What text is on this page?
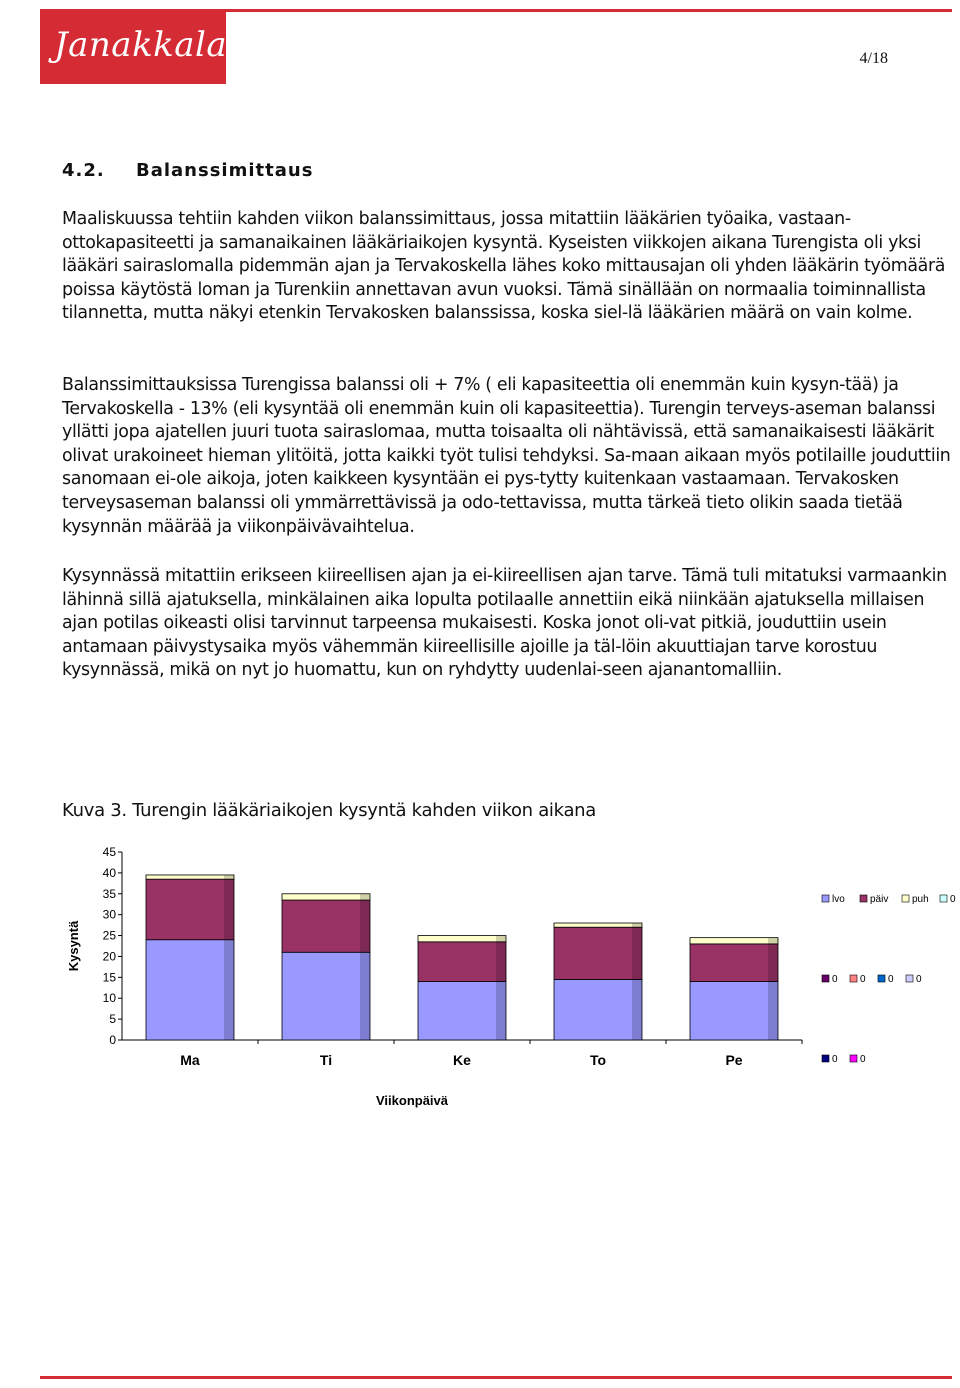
Janakkala	4/18
4.2. Balanssimittaus

Maaliskuussa tehtiin kahden viikon balanssimittaus, jossa mitattiin lääkärien työaika, vastaan-ottokapasiteetti ja samanaikainen lääkäriaikojen kysyntä. Kyseisten viikkojen aikana Turengista oli yksi lääkäri sairaslomalla pidemmän ajan ja Tervakoskella lähes koko mittausajan oli yhden lääkärin työmäärä poissa käytöstä loman ja Turenkiin annettavan avun vuoksi. Tämä sinällään on normaalia toiminnallista tilannetta, mutta näkyi etenkin Tervakosken balanssissa, koska siel-lä lääkärien määrä on vain kolme.

Balanssimittauksissa Turengissa balanssi oli + 7% ( eli kapasiteettia oli enemmän kuin kysyn-tää) ja Tervakoskella - 13% (eli kysyntää oli enemmän kuin oli kapasiteettia). Turengin terveys-aseman balanssi yllätti jopa ajatellen juuri tuota sairaslomaa, mutta toisaalta oli nähtävissä, että samanaikaisesti lääkärit olivat urakoineet hieman ylitöitä, jotta kaikki työt tulisi tehdyksi. Sa-maan aikaan myös potilaille jouduttiin sanomaan ei-ole aikoja, joten kaikkeen kysyntään ei pys-tytty kuitenkaan vastaamaan. Tervakosken terveysaseman balanssi oli ymmärrettävissä ja odo-tettavissa, mutta tärkeä tieto olikin saada tietää kysynnän määrää ja viikonpäivävaihtelua.

Kysynnässä mitattiin erikseen kiireellisen ajan ja ei-kiireellisen ajan tarve. Tämä tuli mitatuksi varmaankin lähinnä sillä ajatuksella, minkälainen aika lopulta potilaalle annettiin eikä niinkään ajatuksella millaisen ajan potilas oikeasti olisi tarvinnut tarpeensa mukaisesti. Koska jonot oli-vat pitkiä, jouduttiin usein antamaan päivystysaika myös vähemmän kiireellisille ajoille ja täl-löin akuuttiajan tarve korostuu kysynnässä, mikä on nyt jo huomattu, kun on ryhdytty uudenlai-seen ajanantomalliin.

Kuva 3. Turengin lääkäriaikojen kysyntä kahden viikon aikana
0
5
10
15
20
25
30
35
40
45
Kysyntä
Ma	Ti	Ke	To	Pe
Viikonpäivä
lvo	päiv puh 0
0 0 0 0
0 0
